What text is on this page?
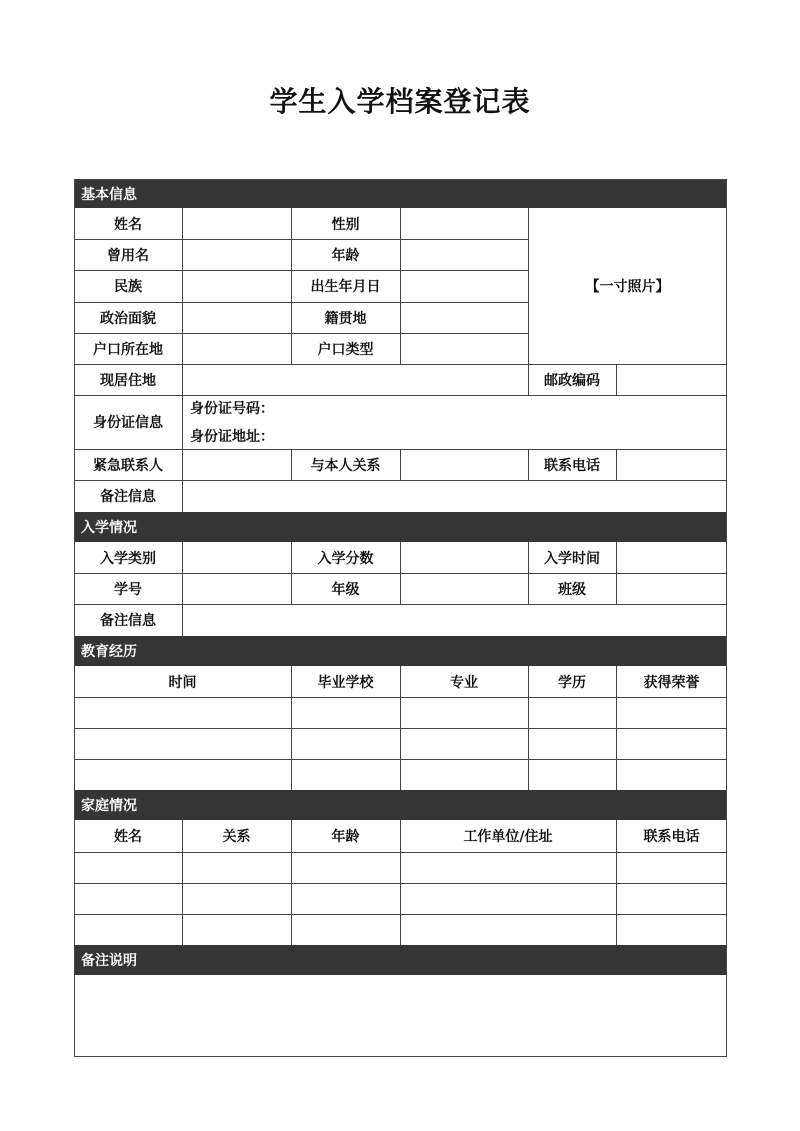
学生入学档案登记表
基本信息
入学情况
教育经历
家庭情况
备注说明
姓名	性别
曾用名	年龄
民族	出生年月日
政治面貌	籍贯地
户口所在地	户口类型
【一寸照片】
现居住地	邮政编码
身份证信息
身份证号码：
身份证地址：
紧急联系人	与本人关系	联系电话
备注信息
入学类别	入学分数	入学时间
学号	年级	班级
备注信息
时间	毕业学校	专业	学历	获得荣誉
姓名	关系	年龄	工作单位/住址	联系电话
